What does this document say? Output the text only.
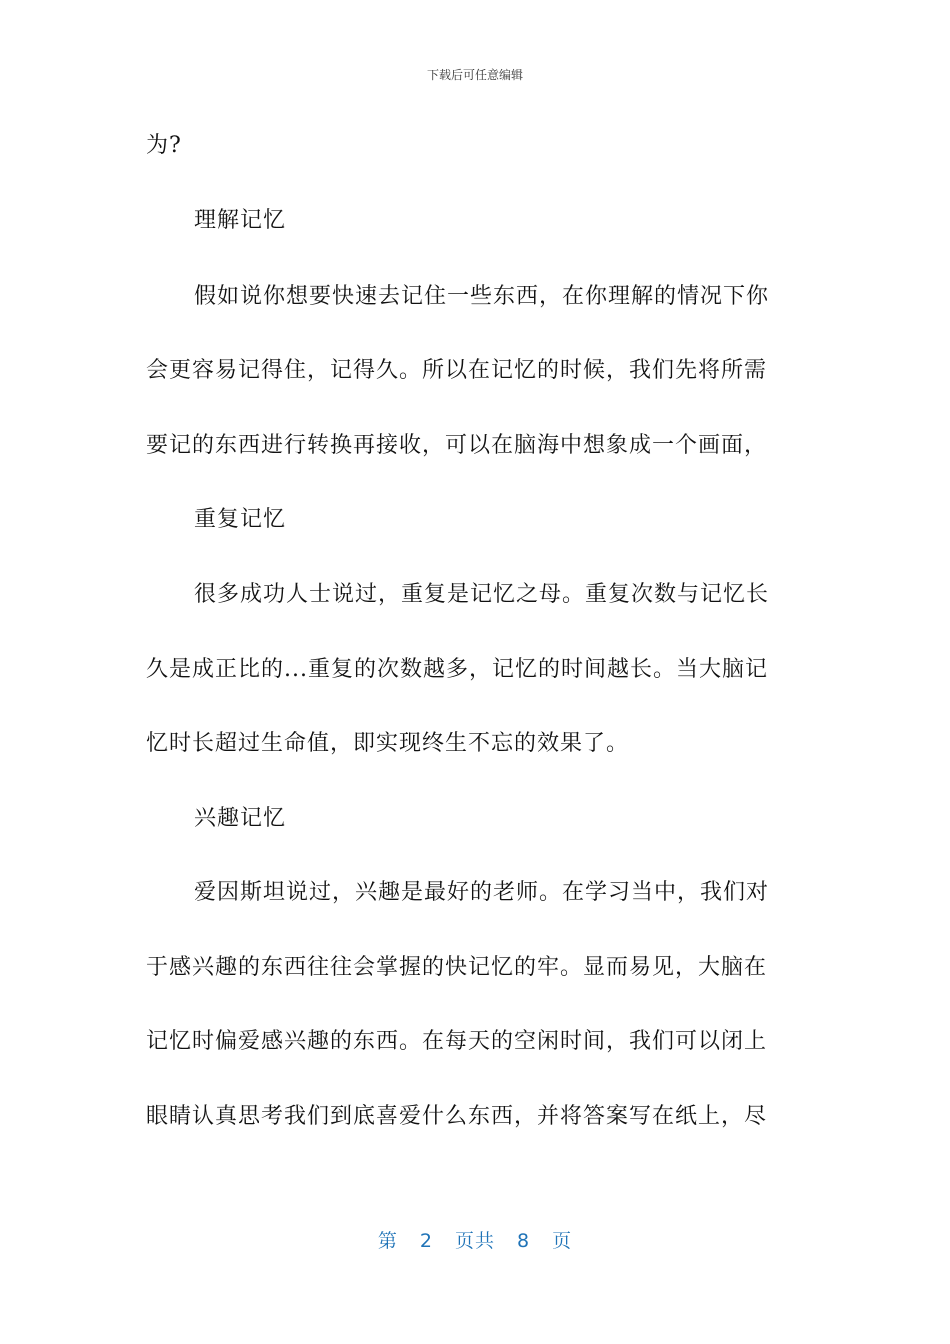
下载后可任意编辑
为?
理解记忆
假如说你想要快速去记住一些东西，在你理解的情况下你
会更容易记得住，记得久。所以在记忆的时候，我们先将所需
要记的东西进行转换再接收，可以在脑海中想象成一个画面，
重复记忆
很多成功人士说过，重复是记忆之母。重复次数与记忆长
久是成正比的...重复的次数越多，记忆的时间越长。当大脑记
忆时长超过生命值，即实现终生不忘的效果了。
兴趣记忆
爱因斯坦说过，兴趣是最好的老师。在学习当中，我们对
于感兴趣的东西往往会掌握的快记忆的牢。显而易见，大脑在
记忆时偏爱感兴趣的东西。在每天的空闲时间，我们可以闭上
眼睛认真思考我们到底喜爱什么东西，并将答案写在纸上，尽
第 2 页共 8 页
